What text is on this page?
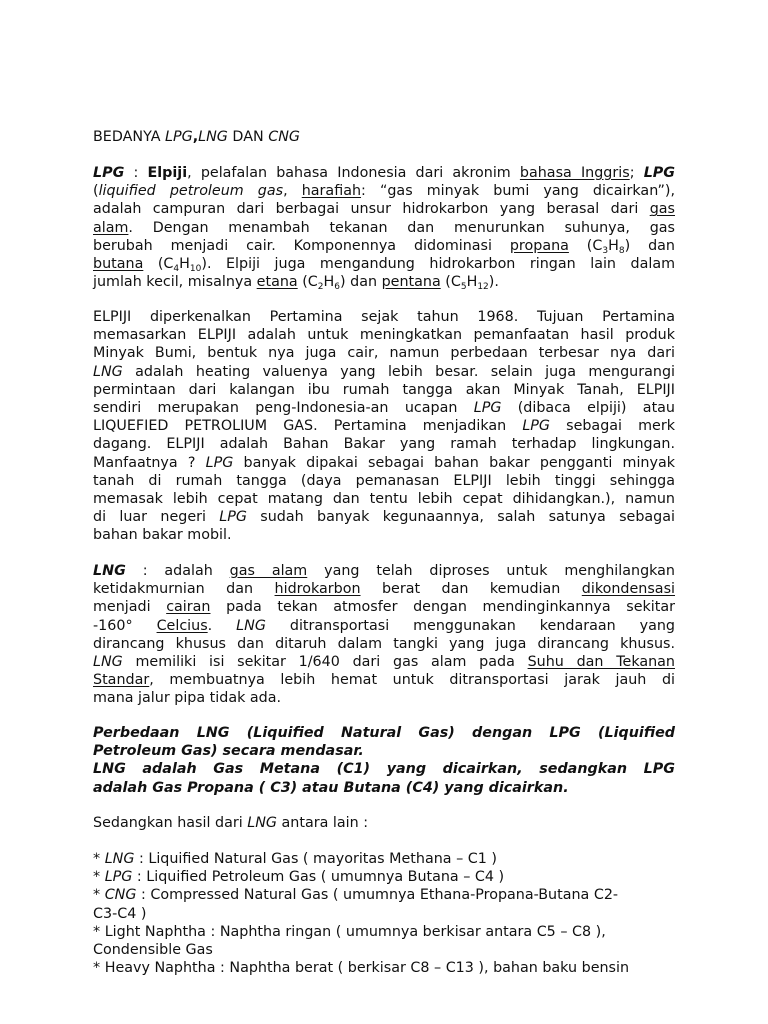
BEDANYA LPG,LNG DAN CNG
LPG : Elpiji, pelafalan bahasa Indonesia dari akronim bahasa Inggris; LPG
(liquified petroleum gas, harafiah: “gas minyak bumi yang dicairkan”),
adalah campuran dari berbagai unsur hidrokarbon yang berasal dari gas
alam. Dengan menambah tekanan dan menurunkan suhunya, gas
berubah menjadi cair. Komponennya didominasi propana $(C_3H_8)$ dan
butana $(C_4H_{10})$. Elpiji juga mengandung hidrokarbon ringan lain dalam
jumlah kecil, misalnya etana $(C_2H_6)$ dan pentana $(C_5H_{12})$.
ELPIJI diperkenalkan Pertamina sejak tahun 1968. Tujuan Pertamina
memasarkan ELPIJI adalah untuk meningkatkan pemanfaatan hasil produk
Minyak Bumi, bentuk nya juga cair, namun perbedaan terbesar nya dari
LNG adalah heating valuenya yang lebih besar. selain juga mengurangi
permintaan dari kalangan ibu rumah tangga akan Minyak Tanah, ELPIJI
sendiri merupakan peng-Indonesia-an ucapan LPG (dibaca elpiji) atau
LIQUEFIED PETROLIUM GAS. Pertamina menjadikan LPG sebagai merk
dagang. ELPIJI adalah Bahan Bakar yang ramah terhadap lingkungan.
Manfaatnya ? LPG banyak dipakai sebagai bahan bakar pengganti minyak
tanah di rumah tangga (daya pemanasan ELPIJI lebih tinggi sehingga
memasak lebih cepat matang dan tentu lebih cepat dihidangkan.), namun
di luar negeri LPG sudah banyak kegunaannya, salah satunya sebagai
bahan bakar mobil.
LNG : adalah gas alam yang telah diproses untuk menghilangkan
ketidakmurnian dan hidrokarbon berat dan kemudian dikondensasi
menjadi cairan pada tekan atmosfer dengan mendinginkannya sekitar
-160° Celcius. LNG ditransportasi menggunakan kendaraan yang
dirancang khusus dan ditaruh dalam tangki yang juga dirancang khusus.
LNG memiliki isi sekitar 1/640 dari gas alam pada Suhu dan Tekanan
Standar, membuatnya lebih hemat untuk ditransportasi jarak jauh di
mana jalur pipa tidak ada.
Perbedaan LNG (Liquified Natural Gas) dengan LPG (Liquified
Petroleum Gas) secara mendasar.
LNG adalah Gas Metana (C1) yang dicairkan, sedangkan LPG
adalah Gas Propana ( C3) atau Butana (C4) yang dicairkan.
Sedangkan hasil dari LNG antara lain :
* LNG : Liquified Natural Gas ( mayoritas Methana – C1 )
* LPG : Liquified Petroleum Gas ( umumnya Butana – C4 )
* CNG : Compressed Natural Gas ( umumnya Ethana-Propana-Butana C2-
C3-C4 )
* Light Naphtha : Naphtha ringan ( umumnya berkisar antara C5 – C8 ),
Condensible Gas
* Heavy Naphtha : Naphtha berat ( berkisar C8 – C13 ), bahan baku bensin
